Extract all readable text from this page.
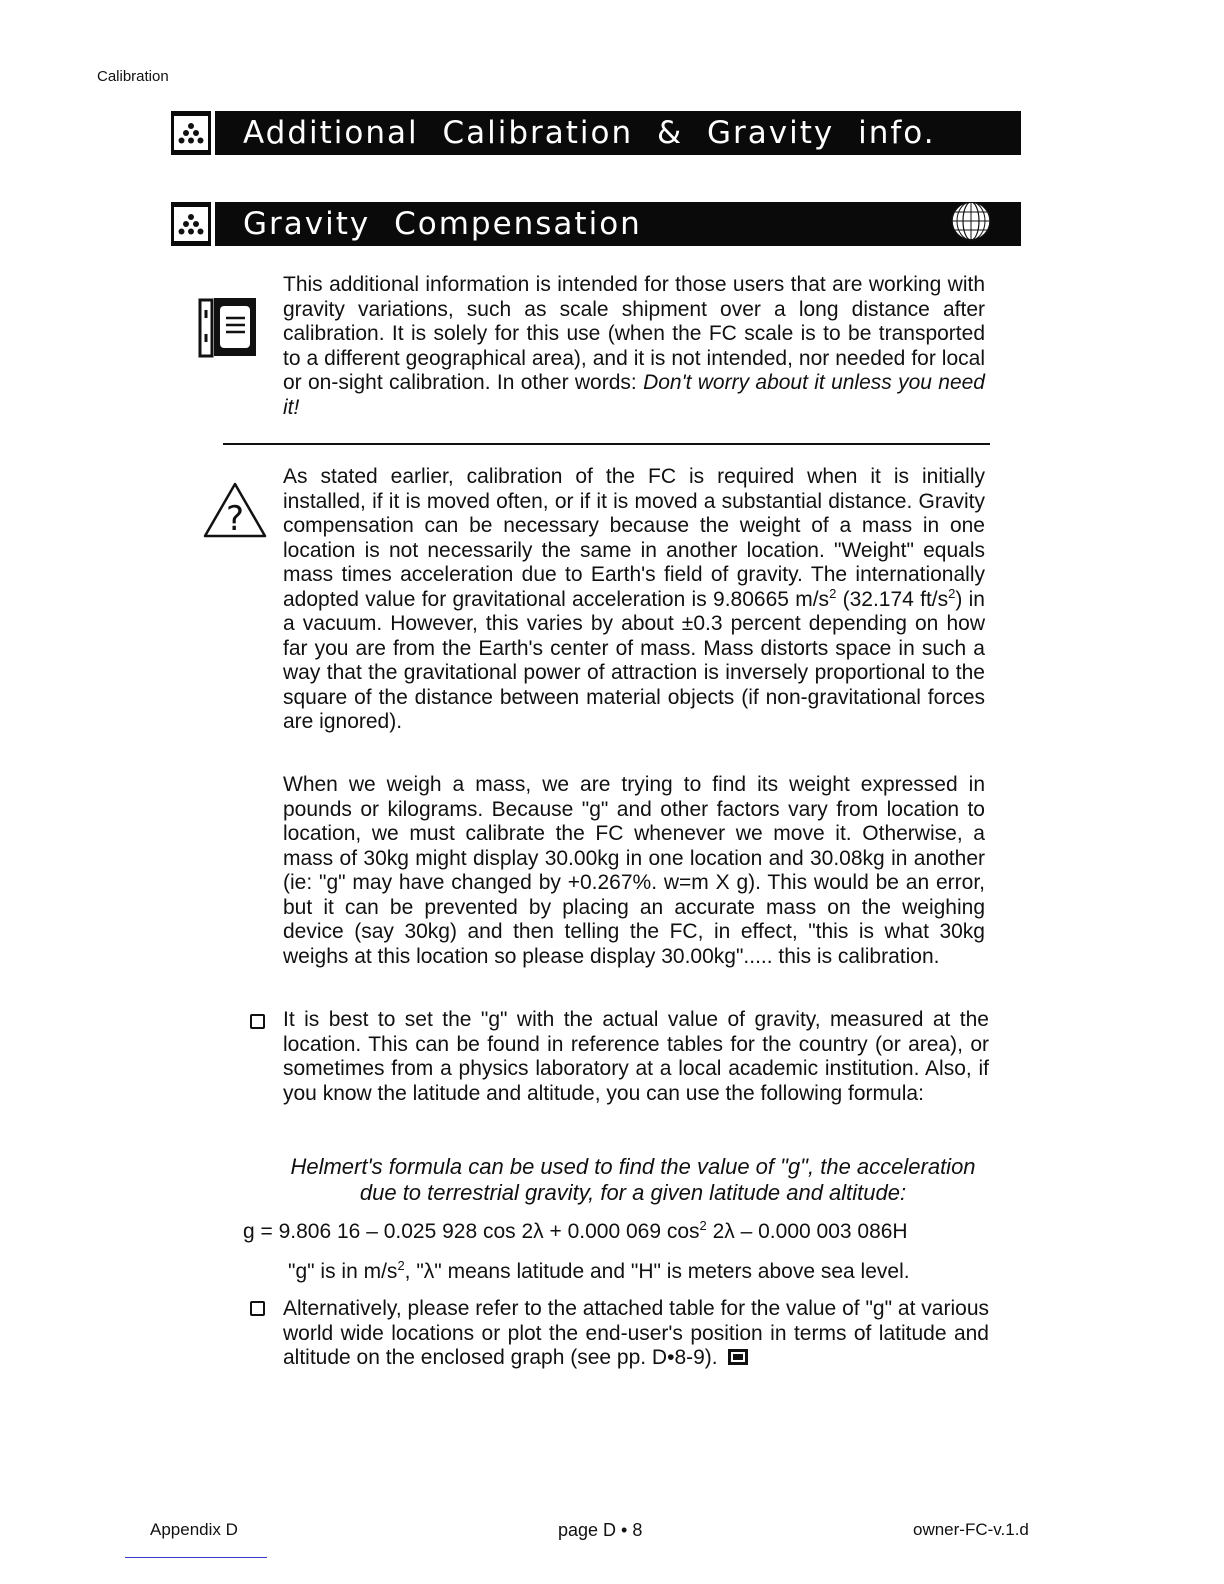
Calibration
Additional Calibration & Gravity info.
Gravity Compensation
This additional information is intended for those users that are working with gravity variations, such as scale shipment over a long distance after calibration. It is solely for this use (when the FC scale is to be transported to a different geographical area), and it is not intended, nor needed for local or on-sight calibration. In other words: Don't worry about it unless you need it!
?
As stated earlier, calibration of the FC is required when it is initially installed, if it is moved often, or if it is moved a substantial distance. Gravity compensation can be necessary because the weight of a mass in one location is not necessarily the same in another location. "Weight" equals mass times acceleration due to Earth's field of gravity. The internationally adopted value for gravitational acceleration is 9.80665 $m/s^2$ (32.174 $ft/s^2$) in a vacuum. However, this varies by about ±0.3 percent depending on how far you are from the Earth's center of mass. Mass distorts space in such a way that the gravitational power of attraction is inversely proportional to the square of the distance between material objects (if non-gravitational forces are ignored).
When we weigh a mass, we are trying to find its weight expressed in pounds or kilograms. Because "g" and other factors vary from location to location, we must calibrate the FC whenever we move it. Otherwise, a mass of 30kg might display 30.00kg in one location and 30.08kg in another (ie: "g" may have changed by +0.267%. w=m X g). This would be an error, but it can be prevented by placing an accurate mass on the weighing device (say 30kg) and then telling the FC, in effect, "this is what 30kg weighs at this location so please display 30.00kg"..... this is calibration.
It is best to set the "g" with the actual value of gravity, measured at the location. This can be found in reference tables for the country (or area), or sometimes from a physics laboratory at a local academic institution. Also, if you know the latitude and altitude, you can use the following formula:
Helmert's formula can be used to find the value of "g", the acceleration
due to terrestrial gravity, for a given latitude and altitude:
g = 9.806 16 – 0.025 928 cos 2λ + 0.000 069 $\cos^2 2\lambda - 0.000$ 003 086H
"g" is in $m/s^2$, "λ" means latitude and "H" is meters above sea level.
Alternatively, please refer to the attached table for the value of "g" at various world wide locations or plot the end-user's position in terms of latitude and altitude on the enclosed graph (see pp. D•8-9).
Appendix D	page D • 8	owner-FC-v.1.d
